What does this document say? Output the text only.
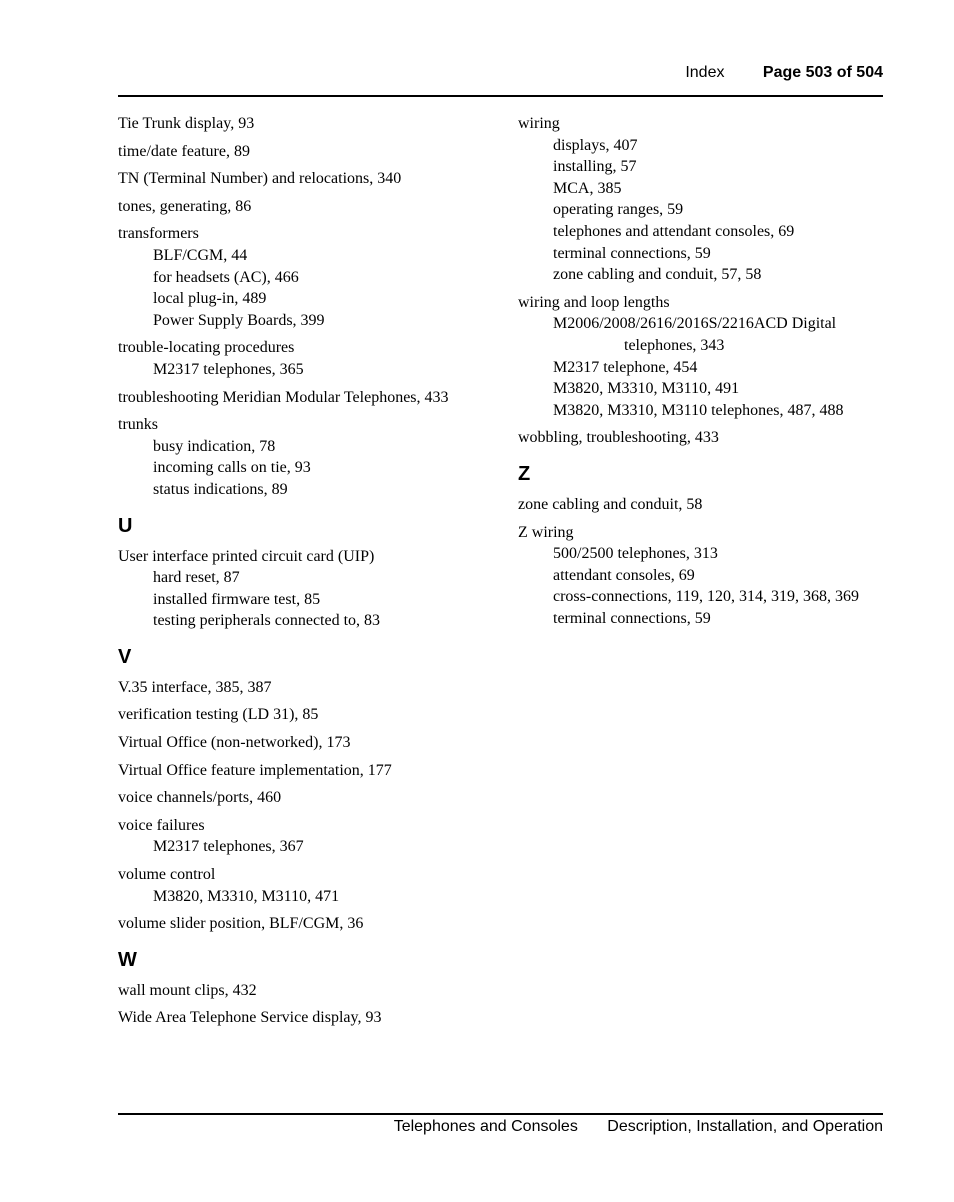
Index Page 503 of 504
Tie Trunk display, 93
time/date feature, 89
TN (Terminal Number) and relocations, 340
tones, generating, 86
transformers
BLF/CGM, 44
for headsets (AC), 466
local plug-in, 489
Power Supply Boards, 399
trouble-locating procedures
M2317 telephones, 365
troubleshooting Meridian Modular Telephones, 433
trunks
busy indication, 78
incoming calls on tie, 93
status indications, 89
U
User interface printed circuit card (UIP)
hard reset, 87
installed firmware test, 85
testing peripherals connected to, 83
V
V.35 interface, 385, 387
verification testing (LD 31), 85
Virtual Office (non-networked), 173
Virtual Office feature implementation, 177
voice channels/ports, 460
voice failures
M2317 telephones, 367
volume control
M3820, M3310, M3110, 471
volume slider position, BLF/CGM, 36
W
wall mount clips, 432
Wide Area Telephone Service display, 93
wiring
displays, 407
installing, 57
MCA, 385
operating ranges, 59
telephones and attendant consoles, 69
terminal connections, 59
zone cabling and conduit, 57, 58
wiring and loop lengths
M2006/2008/2616/2016S/2216ACD Digital telephones, 343
M2317 telephone, 454
M3820, M3310, M3110, 491
M3820, M3310, M3110 telephones, 487, 488
wobbling, troubleshooting, 433
Z
zone cabling and conduit, 58
Z wiring
500/2500 telephones, 313
attendant consoles, 69
cross-connections, 119, 120, 314, 319, 368, 369
terminal connections, 59
Telephones and Consoles Description, Installation, and Operation
